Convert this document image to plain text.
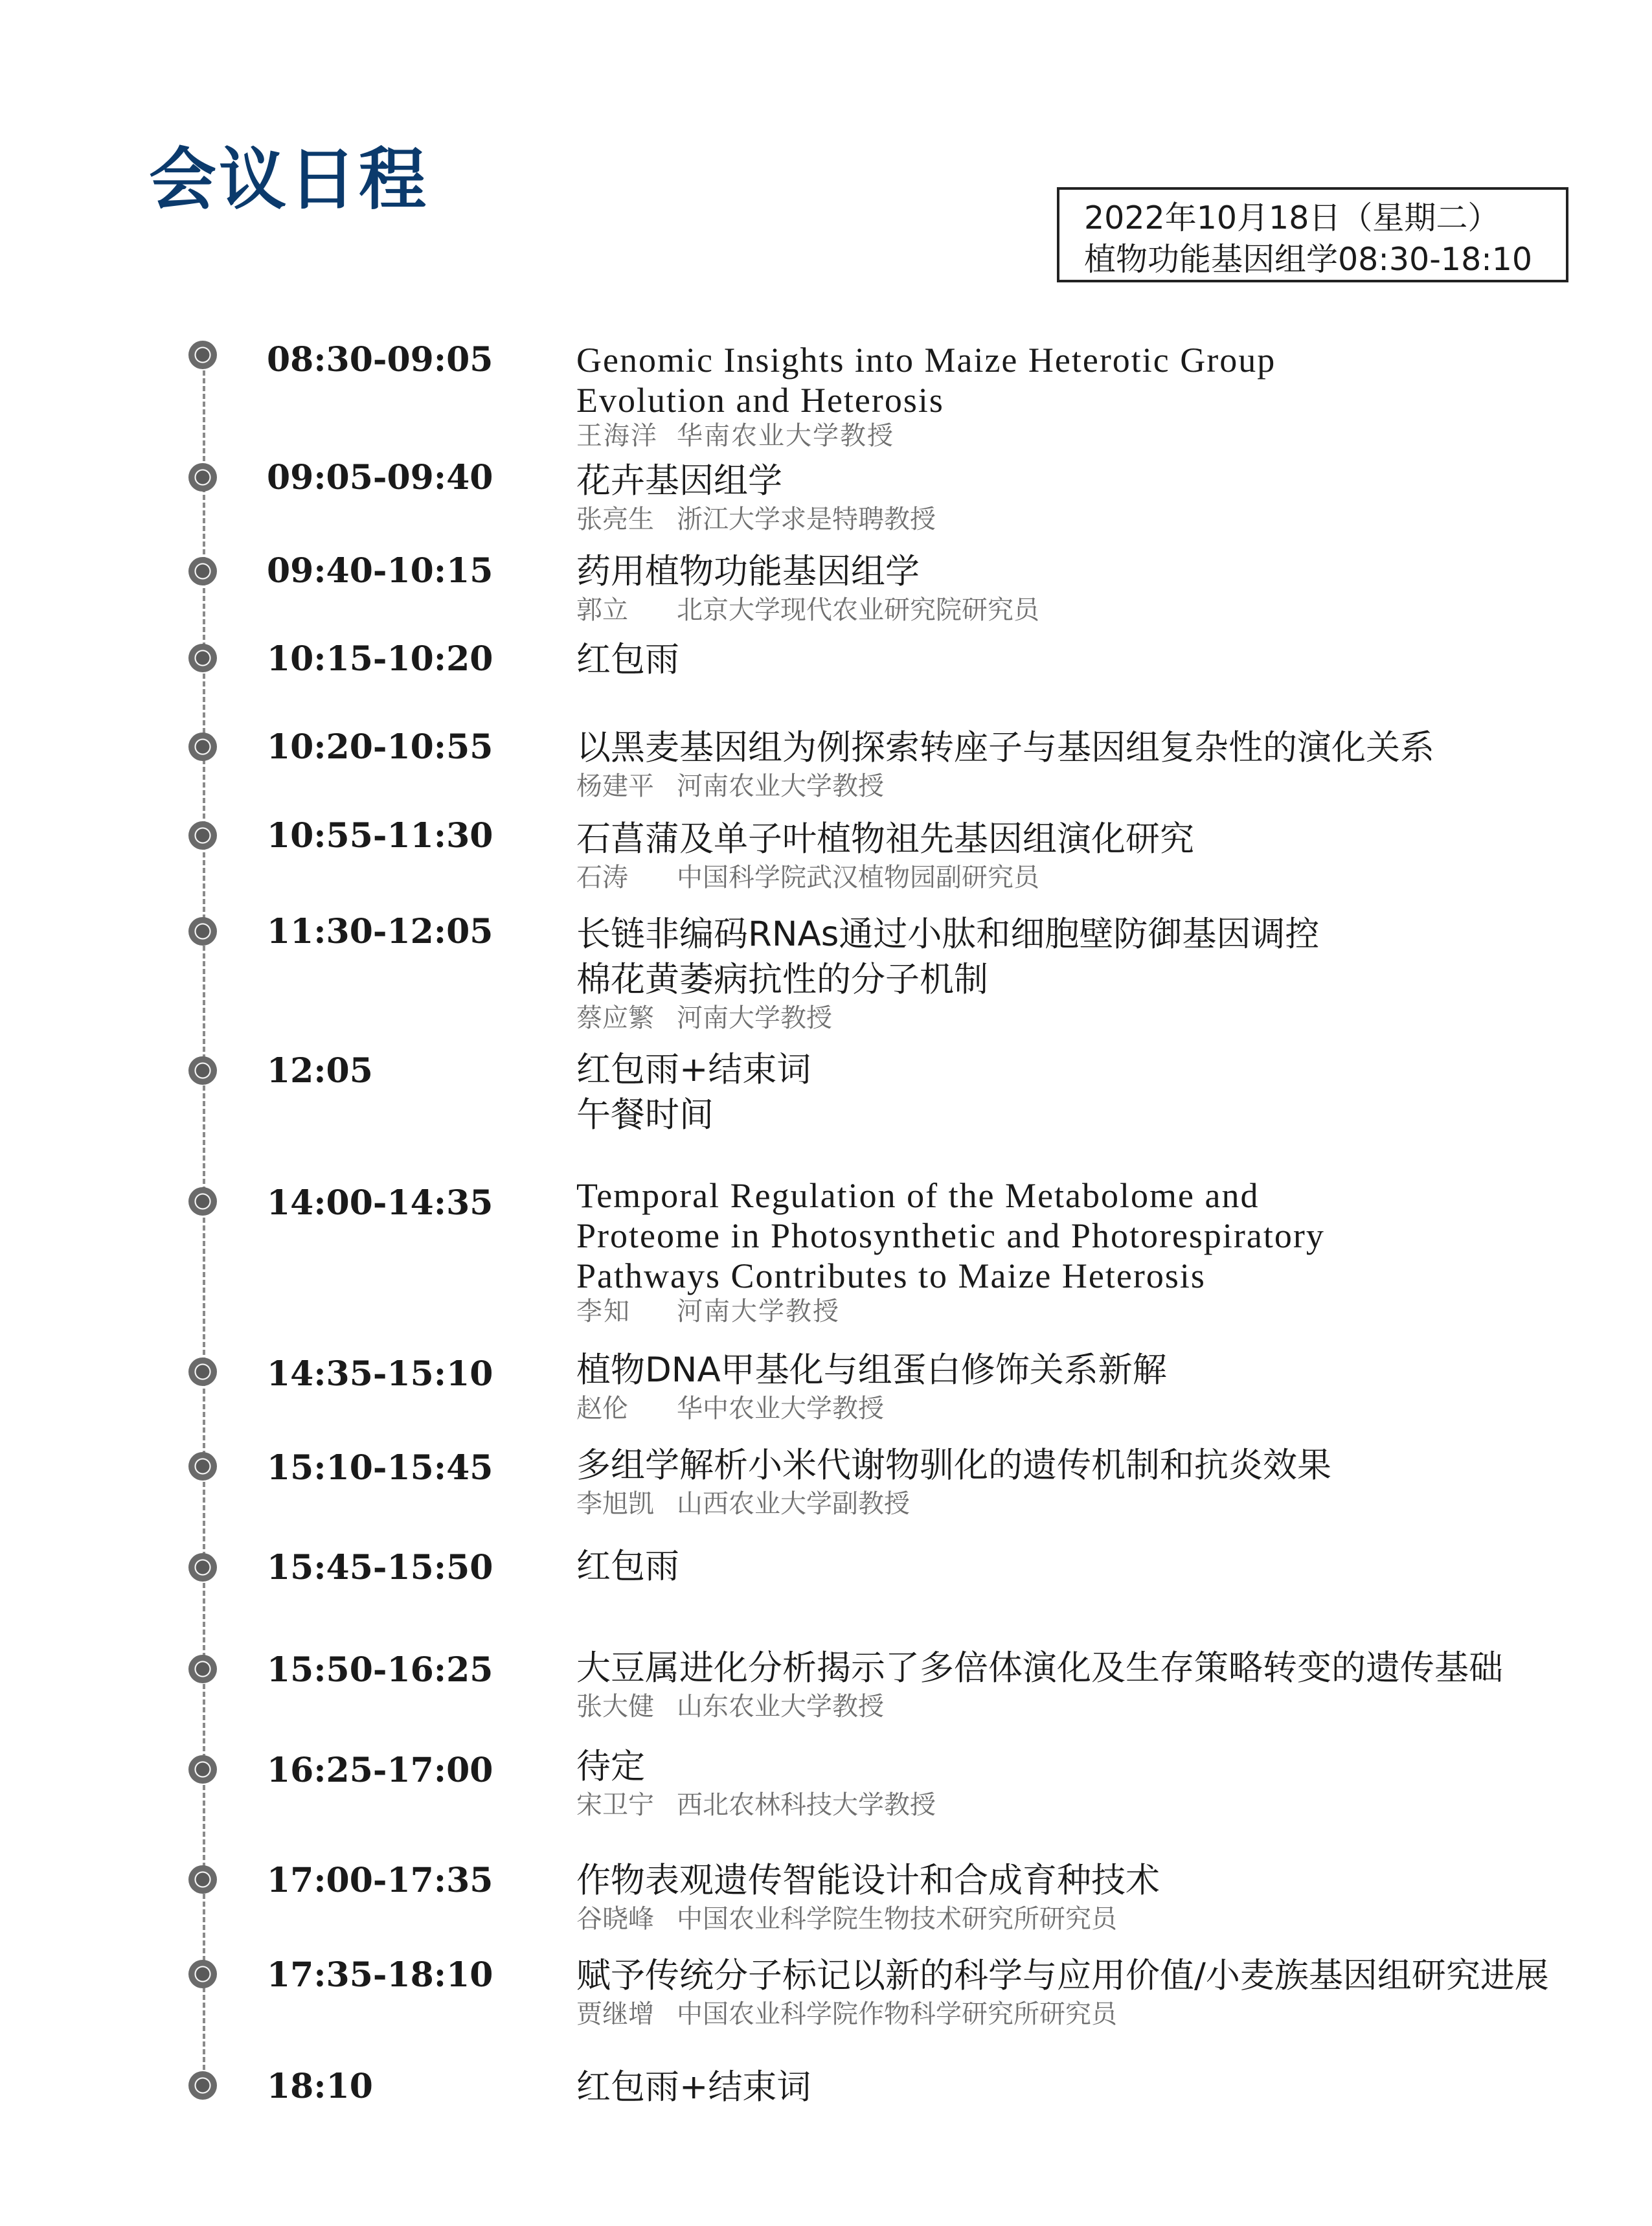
会议日程	2022年10月18日（星期二）
植物功能基因组学08:30-18:10
08:30-09:05 Genomic Insights into Maize Heterotic Group
Evolution and Heterosis
王海洋 华南农业大学教授
09:05-09:40 花卉基因组学
张亮生 浙江大学求是特聘教授
09:40-10:15 药用植物功能基因组学
郭立 北京大学现代农业研究院研究员
10:15-10:20 红包雨
10:20-10:55 以黑麦基因组为例探索转座子与基因组复杂性的演化关系
杨建平 河南农业大学教授
10:55-11:30 石菖蒲及单子叶植物祖先基因组演化研究
石涛 中国科学院武汉植物园副研究员
11:30-12:05 长链非编码RNAs通过小肽和细胞壁防御基因调控
棉花黄萎病抗性的分子机制
蔡应繁 河南大学教授
12:05	红包雨+结束词
午餐时间
14:00-14:35 Temporal Regulation of the Metabolome and
Proteome in Photosynthetic and Photorespiratory
Pathways Contributes to Maize Heterosis
李知 河南大学教授
14:35-15:10 植物DNA甲基化与组蛋白修饰关系新解
赵伦 华中农业大学教授
15:10-15:45 多组学解析小米代谢物驯化的遗传机制和抗炎效果
李旭凯 山西农业大学副教授
15:45-15:50 红包雨
15:50-16:25 大豆属进化分析揭示了多倍体演化及生存策略转变的遗传基础
张大健 山东农业大学教授
16:25-17:00 待定
宋卫宁 西北农林科技大学教授
17:00-17:35 作物表观遗传智能设计和合成育种技术
谷晓峰 中国农业科学院生物技术研究所研究员
17:35-18:10 赋予传统分子标记以新的科学与应用价值/小麦族基因组研究进展
贾继增 中国农业科学院作物科学研究所研究员
18:10	红包雨+结束词
